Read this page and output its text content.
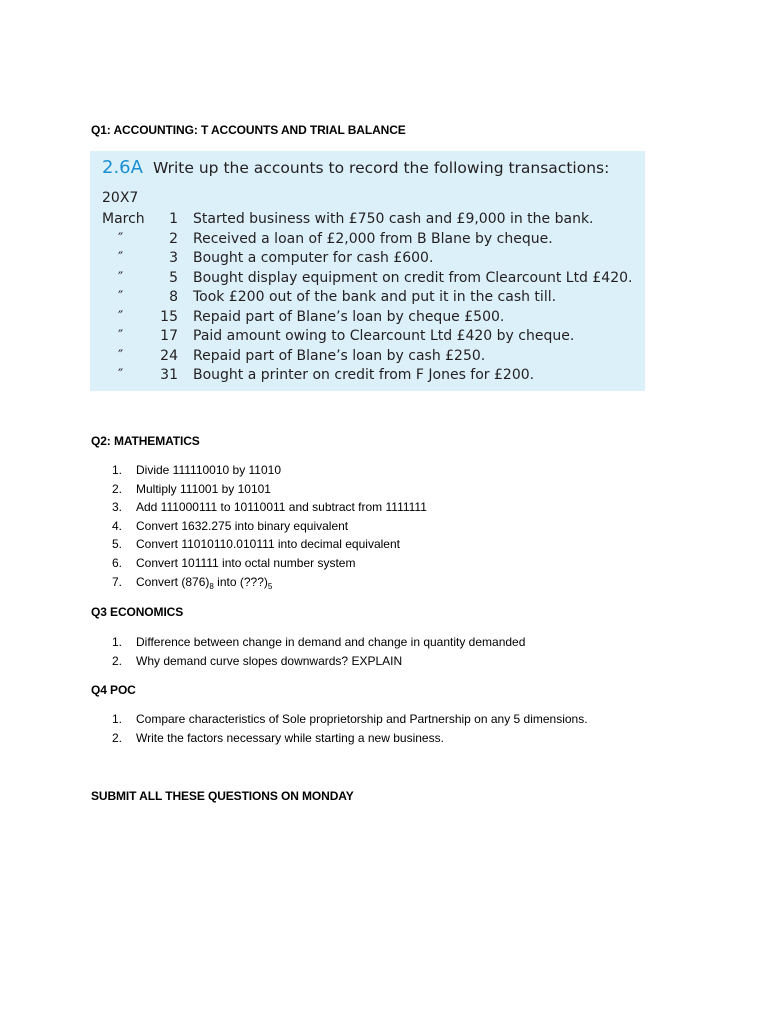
Q1: ACCOUNTING: T ACCOUNTS AND TRIAL BALANCE
2.6A Write up the accounts to record the following transactions:
20X7
March	1 Started business with £750 cash and £9,000 in the bank.
″	2 Received a loan of £2,000 from B Blane by cheque.
″	3 Bought a computer for cash £600.
″	5 Bought display equipment on credit from Clearcount Ltd £420.
″	8 Took £200 out of the bank and put it in the cash till.
″	15 Repaid part of Blane’s loan by cheque £500.
″	17 Paid amount owing to Clearcount Ltd £420 by cheque.
″	24 Repaid part of Blane’s loan by cash £250.
″	31 Bought a printer on credit from F Jones for £200.
Q2: MATHEMATICS
1.	Divide 111110010 by 11010
2.	Multiply 111001 by 10101
3.	Add 111000111 to 10110011 and subtract from 1111111
4.	Convert 1632.275 into binary equivalent
5.	Convert 11010110.010111 into decimal equivalent
6.	Convert 101111 into octal number system
7.	Convert $(876)_8$ into $(???)_5$
Q3 ECONOMICS
1.	Difference between change in demand and change in quantity demanded
2.	Why demand curve slopes downwards? EXPLAIN
Q4 POC
1.	Compare characteristics of Sole proprietorship and Partnership on any 5 dimensions.
2.	Write the factors necessary while starting a new business.
SUBMIT ALL THESE QUESTIONS ON MONDAY
